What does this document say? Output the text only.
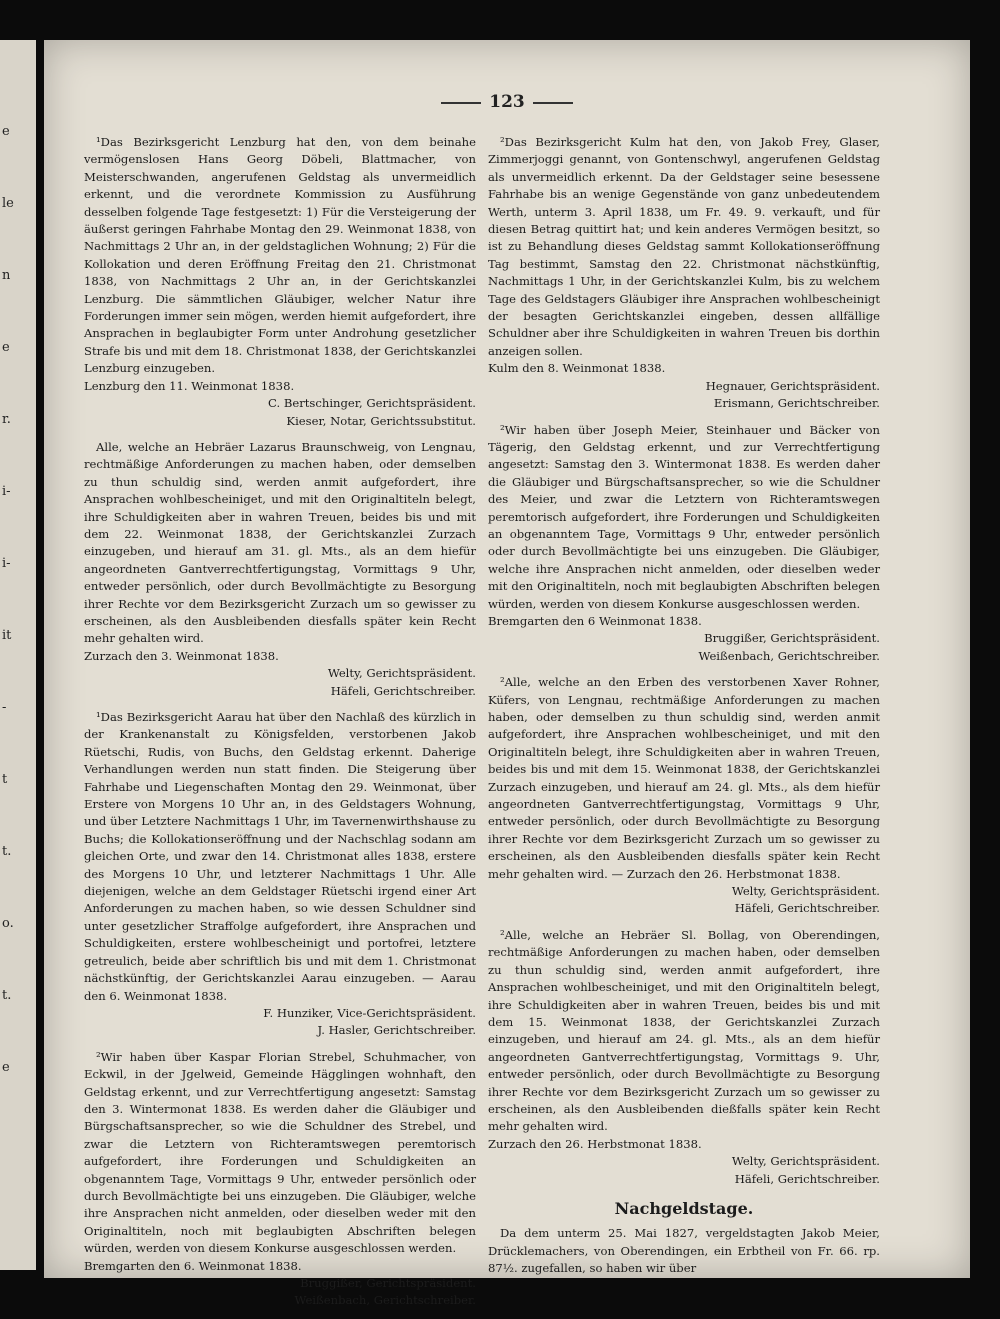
e
le
n
e
r.
i-
i-
it
-
t
t.
o.
t.
e
123

¹Das Bezirksgericht Lenzburg hat den, von dem beinahe vermögenslosen Hans Georg Döbeli, Blattmacher, von Meisterschwanden, angerufenen Geldstag als unvermeidlich erkennt, und die verordnete Kommission zu Ausführung desselben folgende Tage festgesetzt: 1) Für die Versteigerung der äußerst geringen Fahrhabe Montag den 29. Weinmonat 1838, von Nachmittags 2 Uhr an, in der geldstaglichen Wohnung; 2) Für die Kollokation und deren Eröffnung Freitag den 21. Christmonat 1838, von Nachmittags 2 Uhr an, in der Gerichtskanzlei Lenzburg. Die sämmtlichen Gläubiger, welcher Natur ihre Forderungen immer sein mögen, werden hiemit aufgefordert, ihre Ansprachen in beglaubigter Form unter Androhung gesetzlicher Strafe bis und mit dem 18. Christmonat 1838, der Gerichtskanzlei Lenzburg einzugeben.

Lenzburg den 11. Weinmonat 1838.

C. Bertschinger, Gerichtspräsident.

Kieser, Notar, Gerichtssubstitut.

Alle, welche an Hebräer Lazarus Braunschweig, von Lengnau, rechtmäßige Anforderungen zu machen haben, oder demselben zu thun schuldig sind, werden anmit aufgefordert, ihre Ansprachen wohlbescheiniget, und mit den Originaltiteln belegt, ihre Schuldigkeiten aber in wahren Treuen, beides bis und mit dem 22. Weinmonat 1838, der Gerichtskanzlei Zurzach einzugeben, und hierauf am 31. gl. Mts., als an dem hiefür angeordneten Gantverrechtfertigungstag, Vormittags 9 Uhr, entweder persönlich, oder durch Bevollmächtigte zu Besorgung ihrer Rechte vor dem Bezirksgericht Zurzach um so gewisser zu erscheinen, als den Ausbleibenden diesfalls später kein Recht mehr gehalten wird.

Zurzach den 3. Weinmonat 1838.

Welty, Gerichtspräsident.

Häfeli, Gerichtschreiber.

¹Das Bezirksgericht Aarau hat über den Nachlaß des kürzlich in der Krankenanstalt zu Königsfelden, verstorbenen Jakob Rüetschi, Rudis, von Buchs, den Geldstag erkennt. Daherige Verhandlungen werden nun statt finden. Die Steigerung über Fahrhabe und Liegenschaften Montag den 29. Weinmonat, über Erstere von Morgens 10 Uhr an, in des Geldstagers Wohnung, und über Letztere Nachmittags 1 Uhr, im Tavernenwirthshause zu Buchs; die Kollokationseröffnung und der Nachschlag sodann am gleichen Orte, und zwar den 14. Christmonat alles 1838, erstere des Morgens 10 Uhr, und letzterer Nachmittags 1 Uhr. Alle diejenigen, welche an dem Geldstager Rüetschi irgend einer Art Anforderungen zu machen haben, so wie dessen Schuldner sind unter gesetzlicher Straffolge aufgefordert, ihre Ansprachen und Schuldigkeiten, erstere wohlbescheinigt und portofrei, letztere getreulich, beide aber schriftlich bis und mit dem 1. Christmonat nächstkünftig, der Gerichtskanzlei Aarau einzugeben. — Aarau den 6. Weinmonat 1838.

F. Hunziker, Vice-Gerichtspräsident.

J. Hasler, Gerichtschreiber.

²Wir haben über Kaspar Florian Strebel, Schuhmacher, von Eckwil, in der Jgelweid, Gemeinde Hägglingen wohnhaft, den Geldstag erkennt, und zur Verrechtfertigung angesetzt: Samstag den 3. Wintermonat 1838. Es werden daher die Gläubiger und Bürgschaftsansprecher, so wie die Schuldner des Strebel, und zwar die Letztern von Richteramtswegen peremtorisch aufgefordert, ihre Forderungen und Schuldigkeiten an obgenanntem Tage, Vormittags 9 Uhr, entweder persönlich oder durch Bevollmächtigte bei uns einzugeben. Die Gläubiger, welche ihre Ansprachen nicht anmelden, oder dieselben weder mit den Originaltiteln, noch mit beglaubigten Abschriften belegen würden, werden von diesem Konkurse ausgeschlossen werden.

Bremgarten den 6. Weinmonat 1838.

Bruggißer, Gerichtspräsident.

Weißenbach, Gerichtschreiber.

²Das Bezirksgericht Kulm hat den, von Jakob Frey, Glaser, Zimmerjoggi genannt, von Gontenschwyl, angerufenen Geldstag als unvermeidlich erkennt. Da der Geldstager seine besessene Fahrhabe bis an wenige Gegenstände von ganz unbedeutendem Werth, unterm 3. April 1838, um Fr. 49. 9. verkauft, und für diesen Betrag quittirt hat; und kein anderes Vermögen besitzt, so ist zu Behandlung dieses Geldstag sammt Kollokationseröffnung Tag bestimmt, Samstag den 22. Christmonat nächstkünftig, Nachmittags 1 Uhr, in der Gerichtskanzlei Kulm, bis zu welchem Tage des Geldstagers Gläubiger ihre Ansprachen wohlbescheinigt der besagten Gerichtskanzlei eingeben, dessen allfällige Schuldner aber ihre Schuldigkeiten in wahren Treuen bis dorthin anzeigen sollen.

Kulm den 8. Weinmonat 1838.

Hegnauer, Gerichtspräsident.

Erismann, Gerichtschreiber.

²Wir haben über Joseph Meier, Steinhauer und Bäcker von Tägerig, den Geldstag erkennt, und zur Verrechtfertigung angesetzt: Samstag den 3. Wintermonat 1838. Es werden daher die Gläubiger und Bürgschaftsansprecher, so wie die Schuldner des Meier, und zwar die Letztern von Richteramtswegen peremtorisch aufgefordert, ihre Forderungen und Schuldigkeiten an obgenanntem Tage, Vormittags 9 Uhr, entweder persönlich oder durch Bevollmächtigte bei uns einzugeben. Die Gläubiger, welche ihre Ansprachen nicht anmelden, oder dieselben weder mit den Originaltiteln, noch mit beglaubigten Abschriften belegen würden, werden von diesem Konkurse ausgeschlossen werden.

Bremgarten den 6 Weinmonat 1838.

Bruggißer, Gerichtspräsident.

Weißenbach, Gerichtschreiber.

²Alle, welche an den Erben des verstorbenen Xaver Rohner, Küfers, von Lengnau, rechtmäßige Anforderungen zu machen haben, oder demselben zu thun schuldig sind, werden anmit aufgefordert, ihre Ansprachen wohlbescheiniget, und mit den Originaltiteln belegt, ihre Schuldigkeiten aber in wahren Treuen, beides bis und mit dem 15. Weinmonat 1838, der Gerichtskanzlei Zurzach einzugeben, und hierauf am 24. gl. Mts., als dem hiefür angeordneten Gantverrechtfertigungstag, Vormittags 9 Uhr, entweder persönlich, oder durch Bevollmächtigte zu Besorgung ihrer Rechte vor dem Bezirksgericht Zurzach um so gewisser zu erscheinen, als den Ausbleibenden diesfalls später kein Recht mehr gehalten wird. — Zurzach den 26. Herbstmonat 1838.

Welty, Gerichtspräsident.

Häfeli, Gerichtschreiber.

²Alle, welche an Hebräer Sl. Bollag, von Oberendingen, rechtmäßige Anforderungen zu machen haben, oder demselben zu thun schuldig sind, werden anmit aufgefordert, ihre Ansprachen wohlbescheiniget, und mit den Originaltiteln belegt, ihre Schuldigkeiten aber in wahren Treuen, beides bis und mit dem 15. Weinmonat 1838, der Gerichtskanzlei Zurzach einzugeben, und hierauf am 24. gl. Mts., als an dem hiefür angeordneten Gantverrechtfertigungstag, Vormittags 9. Uhr, entweder persönlich, oder durch Bevollmächtigte zu Besorgung ihrer Rechte vor dem Bezirksgericht Zurzach um so gewisser zu erscheinen, als den Ausbleibenden dießfalls später kein Recht mehr gehalten wird.

Zurzach den 26. Herbstmonat 1838.

Welty, Gerichtspräsident.

Häfeli, Gerichtschreiber.

Nachgeldstage.

Da dem unterm 25. Mai 1827, vergeldstagten Jakob Meier, Drücklemachers, von Oberendingen, ein Erbtheil von Fr. 66. rp. 87½. zugefallen, so haben wir über
